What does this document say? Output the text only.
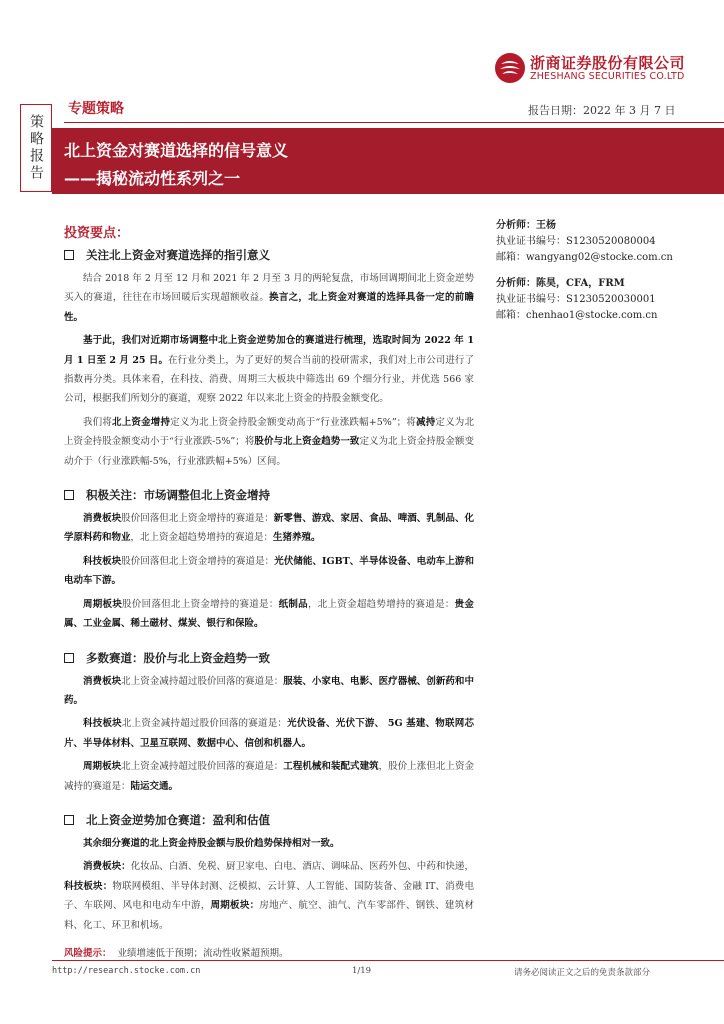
浙商证券股份有限公司
ZHESHANG SECURITIES CO.LTD
策略报告
专题策略	报告日期：2022 年 3 月 7 日
北上资金对赛道选择的信号意义
——揭秘流动性系列之一
投资要点：
关注北上资金对赛道选择的指引意义

结合 2018 年 2 月至 12 月和 2021 年 2 月至 3 月的两轮复盘，市场回调期间北上资金逆势买入的赛道，往往在市场回暖后实现超额收益。换言之，北上资金对赛道的选择具备一定的前瞻性。

基于此，我们对近期市场调整中北上资金逆势加仓的赛道进行梳理，选取时间为 2022 年 1 月 1 日至 2 月 25 日。在行业分类上，为了更好的契合当前的投研需求，我们对上市公司进行了指数再分类。具体来看，在科技、消费、周期三大板块中筛选出 69 个细分行业，并优选 566 家公司，根据我们所划分的赛道，观察 2022 年以来北上资金的持股金额变化。

我们将北上资金增持定义为北上资金持股金额变动高于“行业涨跌幅+5%”；将减持定义为北上资金持股金额变动小于“行业涨跌-5%”；将股价与北上资金趋势一致定义为北上资金持股金额变动介于（行业涨跌幅-5%，行业涨跌幅+5%）区间。

积极关注：市场调整但北上资金增持

消费板块股价回落但北上资金增持的赛道是：新零售、游戏、家居、食品、啤酒、乳制品、化学原料药和物业，北上资金超趋势增持的赛道是：生猪养殖。

科技板块股价回落但北上资金增持的赛道是：光伏储能、IGBT、半导体设备、电动车上游和电动车下游。

周期板块股价回落但北上资金增持的赛道是：纸制品，北上资金超趋势增持的赛道是：贵金属、工业金属、稀土磁材、煤炭、银行和保险。

多数赛道：股价与北上资金趋势一致

消费板块北上资金减持超过股价回落的赛道是：服装、小家电、电影、医疗器械、创新药和中药。

科技板块北上资金减持超过股价回落的赛道是：光伏设备、光伏下游、 5G 基建、物联网芯片、半导体材料、卫星互联网、数据中心、信创和机器人。

周期板块北上资金减持超过股价回落的赛道是：工程机械和装配式建筑，股价上涨但北上资金减持的赛道是：陆运交通。

北上资金逆势加仓赛道：盈利和估值

其余细分赛道的北上资金持股金额与股价趋势保持相对一致。

消费板块：化妆品、白酒、免税、厨卫家电、白电、酒店、调味品、医药外包、中药和快递，科技板块：物联网模组、半导体封测、泛模拟、云计算、人工智能、国防装备、金融 IT、消费电子、车联网、风电和电动车中游，周期板块：房地产、航空、油气、汽车零部件、钢铁、建筑材料、化工、环卫和机场。

风险提示： 业绩增速低于预期；流动性收紧超预期。
分析师：王杨
执业证书编号：S1230520080004
邮箱：wangyang02@stocke.com.cn
分析师：陈昊，CFA，FRM
执业证书编号：S1230520030001
邮箱：chenhao1@stocke.com.cn
http://research.stocke.com.cn	1/19	请务必阅读正文之后的免责条款部分
